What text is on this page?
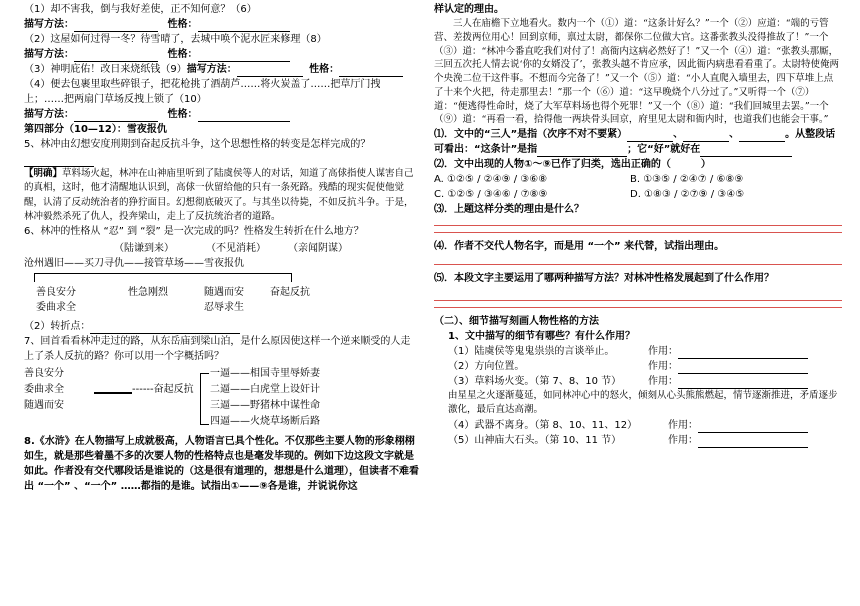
（1）却不害我，倒与我好差使，正不知何意？（6）

描写方法：	性格：

（2）这屋如何过得一冬？待雪晴了，去城中唤个泥水匠来修理（8）

描写方法：	性格：

（3）神明庇佑！改日来烧纸钱（9）描写方法：	性格：

（4）便去包裹里取些碎银子，把花枪挑了酒葫芦……将火炭盖了……把草厅门拽上；……把两扇门草场反拽上锁了（10）

描写方法：	性格：

第四部分（10—12）：雪夜报仇

5、林冲由幻想安度刑期到奋起反抗斗争，这个思想性格的转变是怎样完成的？

【明确】草料场火起，林冲在山神庙里听到了陆虞侯等人的对话，知道了高俅指使人谋害自己的真相，这时，他才清醒地认识到，高俅一伙留给他的只有一条死路。残酷的现实促使他觉醒，认清了反动统治者的狰狞面目。幻想彻底破灭了。与其坐以待毙，不如反抗斗争。于是，林冲毅然杀死了仇人，投奔梁山，走上了反抗统治者的道路。

6、林冲的性格从 “忍” 到 “裂” 是一次完成的吗？性格发生转折在什么地方？

（陆谦到来）	（不见消耗） （亲闻阴谋）
沧州遇旧——买刀寻仇——接管草场——雪夜报仇
善良安分	性急刚烈	随遇而安	奋起反抗
委曲求全	忍辱求生

（2）转折点：

7、回首看看林冲走过的路，从东岳庙到梁山泊，是什么原因使这样一个逆来顺受的人走上了杀人反抗的路？你可以用一个字概括吗？

善良安分
委曲求全
随遇而安
------奋起反抗
一逼——相国寺里辱娇妻
二逼——白虎堂上设奸计
三逼——野猪林中谋性命
四逼——火烧草场断后路

8.《水浒》在人物描写上成就极高，人物语言已具个性化。不仅那些主要人物的形象栩栩如生，就是那些着墨不多的次要人物的性格特点也是毫发毕现的。例如下边这段文字就是如此。作者没有交代哪段话是谁说的（这是很有道理的，想想是什么道理），但读者不难看出 “一个” 、“一个” ……都指的是谁。试指出①——⑨各是谁，并说说你这

样认定的理由。

三人在庙檐下立地看火。数内一个（①）道：“这条计好么？”一个（②）应道：“端的亏管营、差拨两位用心！回到京师，禀过太尉，都保你二位做大官。这番张教头没得推故了！”一个（③）道：“林冲今番直吃我们对付了！高衙内这病必然好了！”又一个（④）道：“张教头那厮，三回五次托人情去说‘你的女婿没了’，张教头越不肯应承，因此衙内病患看看重了。太尉特使俺两个央浼二位干这件事。不想而今完备了！”又一个（⑤）道：“小人直爬入墙里去，四下草堆上点了十来个火把，待走那里去！”那一个（⑥）道：“这早晚烧个八分过了。”又听得一个（⑦）道：“便逃得性命时，烧了大军草料场也得个死罪！”又一个（⑧）道：“我们回城里去罢。”一个（⑨）道：“再看一看，拾得他一两块骨头回京，府里见太尉和衙内时，也道我们也能会干事。”

⑴．文中的“三人”是指（次序不对不要紧）	、	、	。从整段话可看出：“这条计”是指	；它“好”就好在

⑵．文中出现的人物①～⑨已作了归类，选出正确的（　　　）

A. ①②⑤ / ②④⑨ / ③⑥⑧	B. ①③⑤ / ②④⑦ / ⑥⑧⑨

C. ①②⑤ / ③④⑥ / ⑦⑧⑨	D. ①⑧③ / ②⑦⑨ / ③④⑤

⑶．上题这样分类的理由是什么？

⑷．作者不交代人物名字，而是用 “一个” 来代替，试指出理由。

⑸．本段文字主要运用了哪两种描写方法？对林冲性格发展起到了什么作用？

（二）、细节描写刻画人物性格的方法

1、文中描写的细节有哪些？有什么作用？

（1）陆虞侯等鬼鬼祟祟的言谈举止。	作用：

（2）方向位置。	作用：

（3）草料场火变。（第 7、8、10 节）	作用：

由星星之火逐渐蔓延，如同林冲心中的怒火，倾刻从心头熊熊燃起，情节逐渐推进，矛盾逐步激化，最后直达高潮。

（4）武器不离身。（第 8、10、11、12）	作用：

（5）山神庙大石头。（第 10、11 节）	作用：
